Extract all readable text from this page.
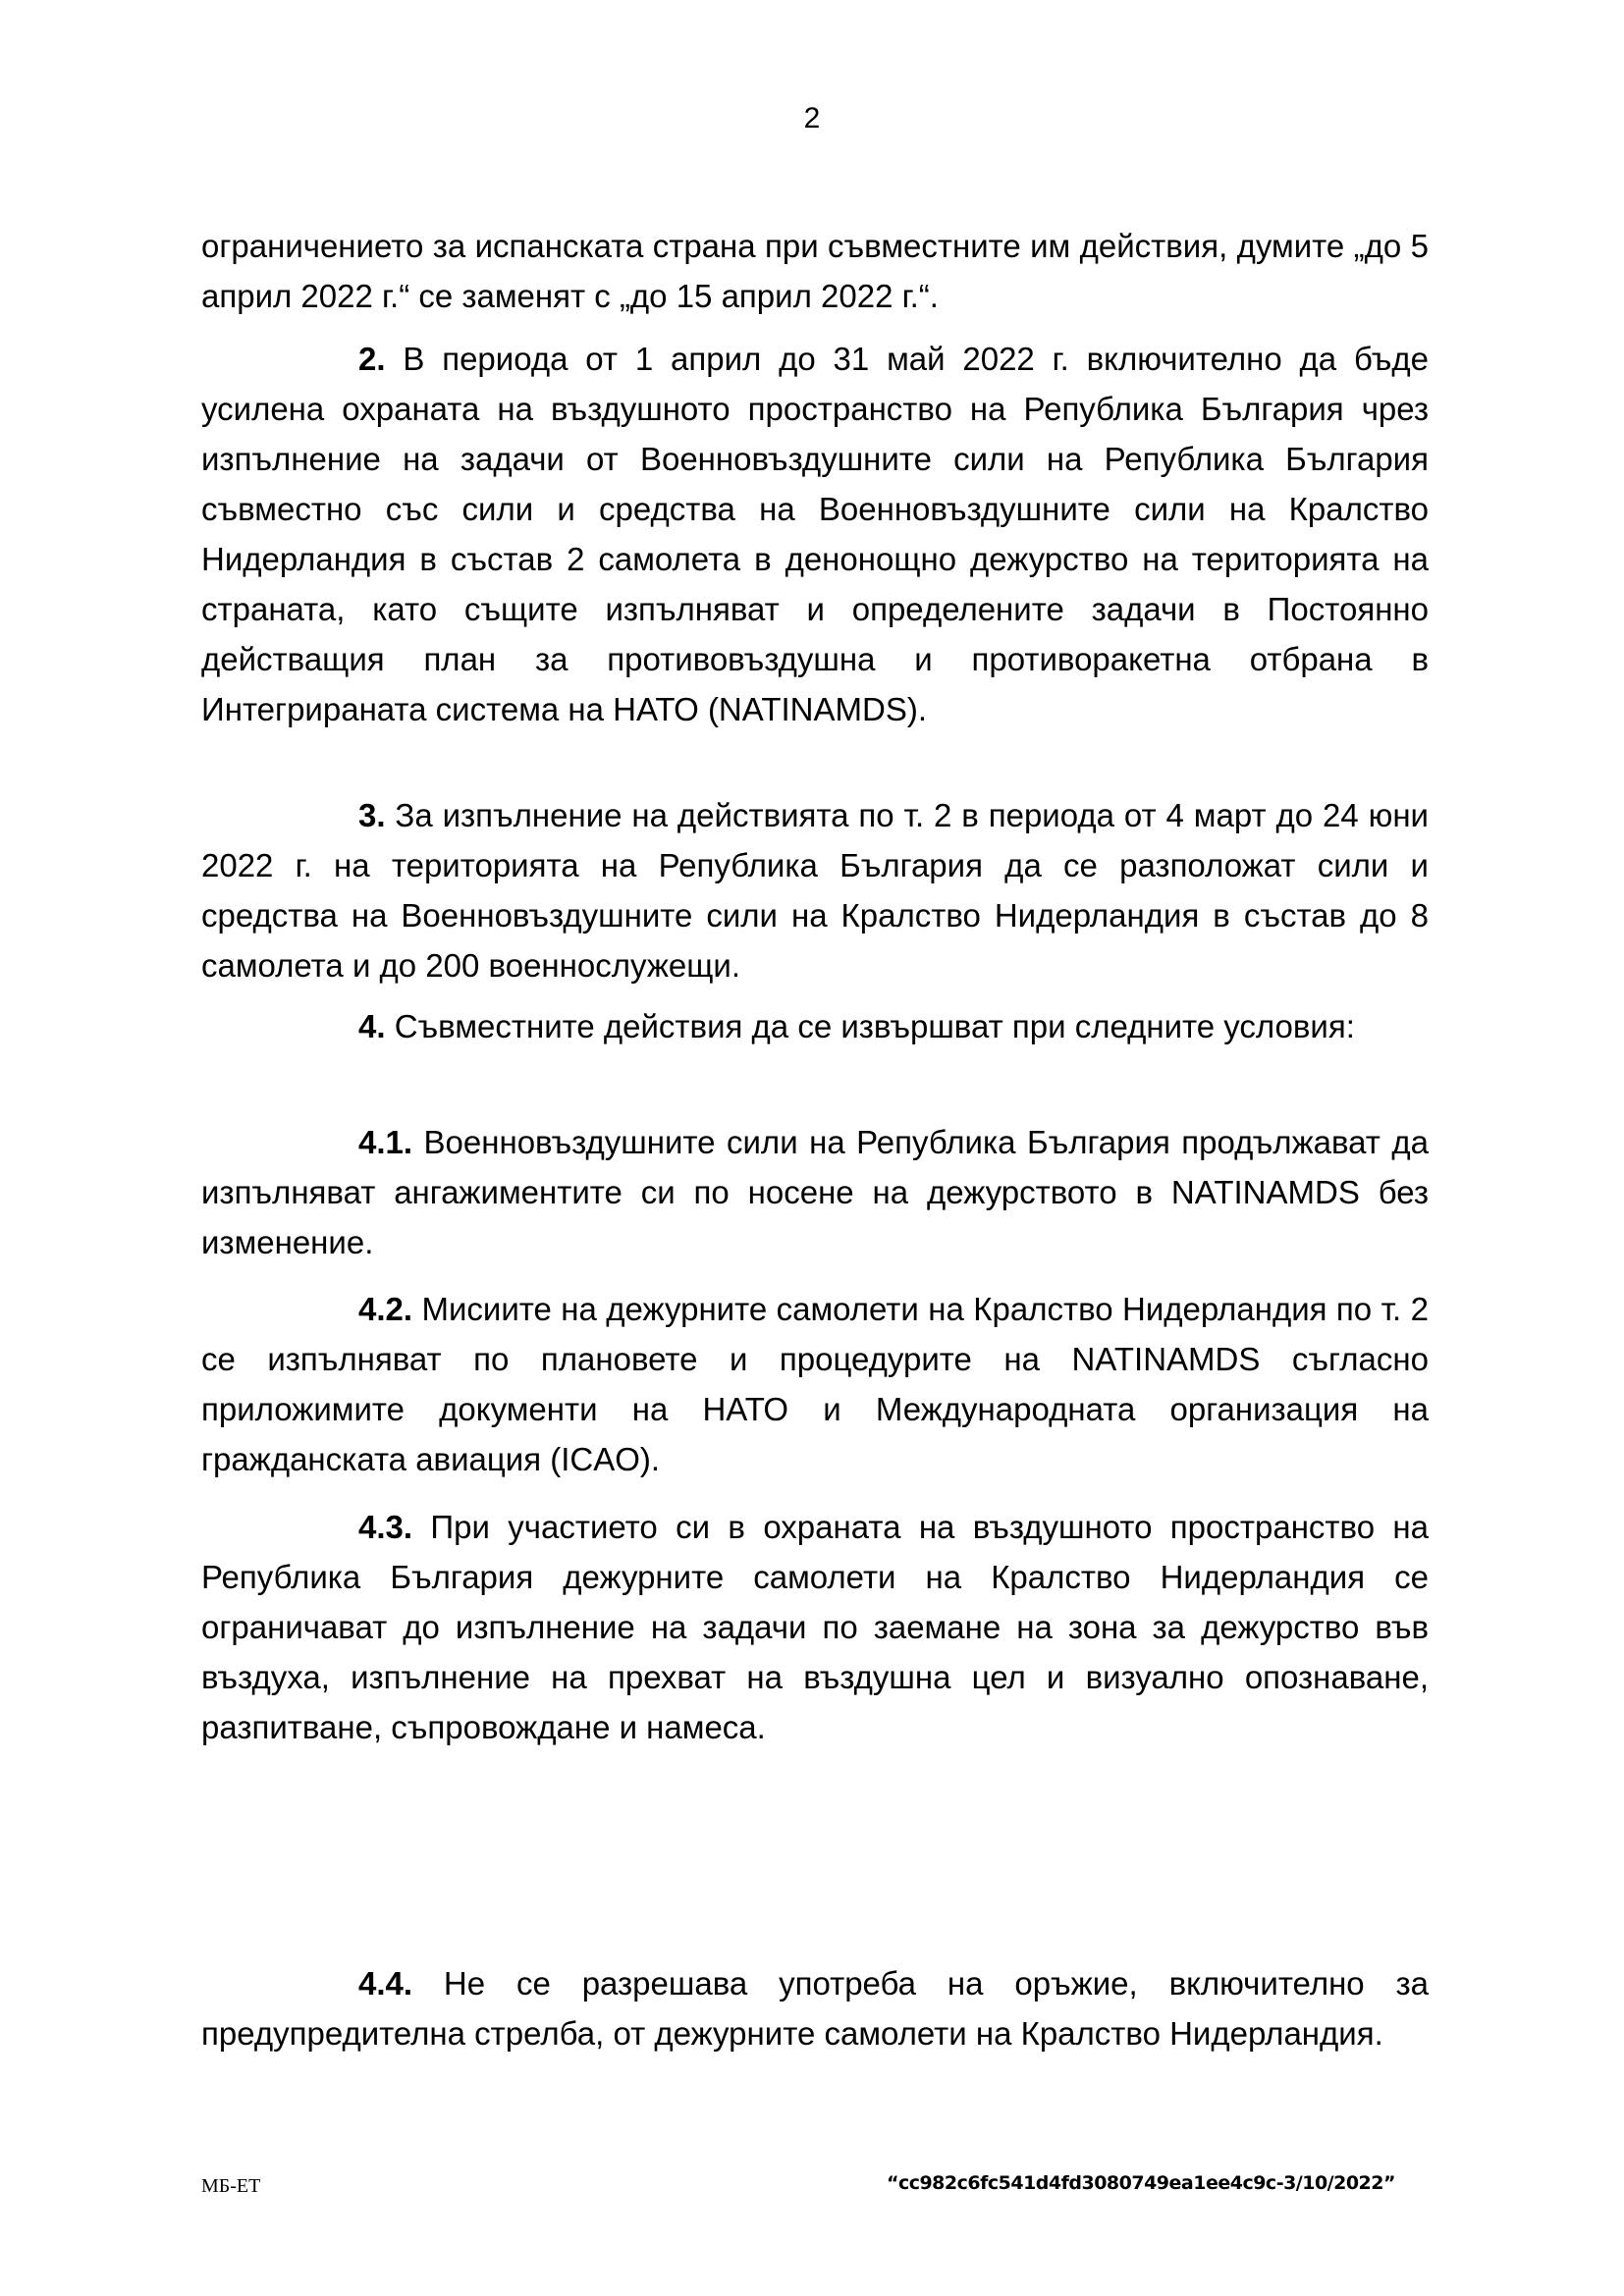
2

ограничението за испанската страна при съвместните им действия, думите „до 5 април 2022 г.“ се заменят с „до 15 април 2022 г.“.

2. В периода от 1 април до 31 май 2022 г. включително да бъде усилена охраната на въздушното пространство на Република България чрез изпълнение на задачи от Военновъздушните сили на Република България съвместно със сили и средства на Военновъздушните сили на Кралство Нидерландия в състав 2 самолета в денонощно дежурство на територията на страната, като същите изпълняват и определените задачи в Постоянно действащия план за противовъздушна и противоракетна отбрана в Интегрираната система на НАТО (NATINAMDS).

3. За изпълнение на действията по т. 2 в периода от 4 март до 24 юни 2022 г. на територията на Република България да се разположат сили и средства на Военновъздушните сили на Кралство Нидерландия в състав до 8 самолета и до 200 военнослужещи.

4. Съвместните действия да се извършват при следните условия:

4.1. Военновъздушните сили на Република България продължават да изпълняват ангажиментите си по носене на дежурството в NATINAMDS без изменение.

4.2. Мисиите на дежурните самолети на Кралство Нидерландия по т. 2 се изпълняват по плановете и процедурите на NATINAMDS съгласно приложимите документи на НАТО и Международната организация на гражданската авиация (ICAO).

4.3. При участието си в охраната на въздушното пространство на Република България дежурните самолети на Кралство Нидерландия се ограничават до изпълнение на задачи по заемане на зона за дежурство във въздуха, изпълнение на прехват на въздушна цел и визуално опознаване, разпитване, съпровождане и намеса.

4.4. Не се разрешава употреба на оръжие, включително за предупредителна стрелба, от дежурните самолети на Кралство Нидерландия.

МБ-ЕТ	“cc982c6fc541d4fd3080749ea1ee4c9c-3/10/2022”
